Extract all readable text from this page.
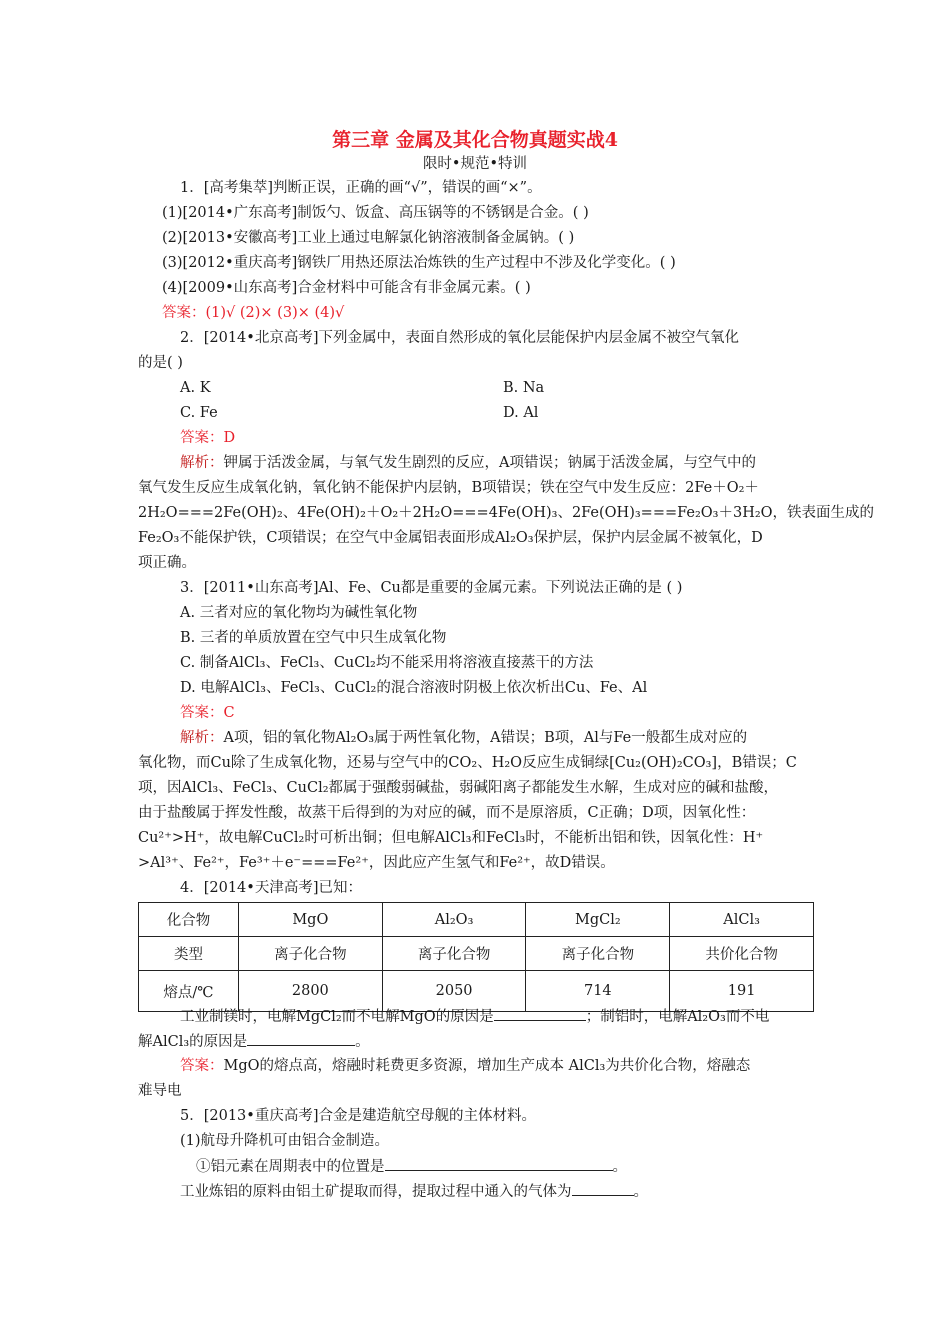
第三章 金属及其化合物真题实战4
限时•规范•特训
1．[高考集萃]判断正误，正确的画“√”，错误的画“×”。
(1)[2014•广东高考]制饭勺、饭盒、高压锅等的不锈钢是合金。( )
(2)[2013•安徽高考]工业上通过电解氯化钠溶液制备金属钠。( )
(3)[2012•重庆高考]钢铁厂用热还原法冶炼铁的生产过程中不涉及化学变化。( )
(4)[2009•山东高考]合金材料中可能含有非金属元素。( )
答案：(1)√ (2)× (3)× (4)√
2．[2014•北京高考]下列金属中，表面自然形成的氧化层能保护内层金属不被空气氧化
的是( )
A. K	B. Na
C. Fe	D. Al
答案：D
解析：钾属于活泼金属，与氧气发生剧烈的反应，A项错误；钠属于活泼金属，与空气中的
氧气发生反应生成氧化钠，氧化钠不能保护内层钠，B项错误；铁在空气中发生反应：2Fe＋O₂＋
2H₂O===2Fe(OH)₂、4Fe(OH)₂＋O₂＋2H₂O===4Fe(OH)₃、2Fe(OH)₃===Fe₂O₃＋3H₂O，铁表面生成的
Fe₂O₃不能保护铁，C项错误；在空气中金属铝表面形成Al₂O₃保护层，保护内层金属不被氧化，D
项正确。
3．[2011•山东高考]Al、Fe、Cu都是重要的金属元素。下列说法正确的是 ( )
A. 三者对应的氧化物均为碱性氧化物
B. 三者的单质放置在空气中只生成氧化物
C. 制备AlCl₃、FeCl₃、CuCl₂均不能采用将溶液直接蒸干的方法
D. 电解AlCl₃、FeCl₃、CuCl₂的混合溶液时阴极上依次析出Cu、Fe、Al
答案：C
解析：A项，铝的氧化物Al₂O₃属于两性氧化物，A错误；B项，Al与Fe一般都生成对应的
氧化物，而Cu除了生成氧化物，还易与空气中的CO₂、H₂O反应生成铜绿[Cu₂(OH)₂CO₃]，B错误；C
项，因AlCl₃、FeCl₃、CuCl₂都属于强酸弱碱盐，弱碱阳离子都能发生水解，生成对应的碱和盐酸，
由于盐酸属于挥发性酸，故蒸干后得到的为对应的碱，而不是原溶质，C正确；D项，因氧化性：
Cu²⁺>H⁺，故电解CuCl₂时可析出铜；但电解AlCl₃和FeCl₃时，不能析出铝和铁，因氧化性：H⁺
>Al³⁺、Fe²⁺，Fe³⁺＋e⁻===Fe²⁺，因此应产生氢气和Fe²⁺，故D错误。
4．[2014•天津高考]已知：
化合物	MgO	Al₂O₃	MgCl₂	AlCl₃
类型	离子化合物	离子化合物	离子化合物	共价化合物
熔点/℃	2800	2050	714	191
工业制镁时，电解MgCl₂而不电解MgO的原因是	；制铝时，电解Al₂O₃而不电
解AlCl₃的原因是	。
答案：MgO的熔点高，熔融时耗费更多资源，增加生产成本 AlCl₃为共价化合物，熔融态
难导电
5．[2013•重庆高考]合金是建造航空母舰的主体材料。
(1)航母升降机可由铝合金制造。
①铝元素在周期表中的位置是	。
工业炼铝的原料由铝土矿提取而得，提取过程中通入的气体为	。
